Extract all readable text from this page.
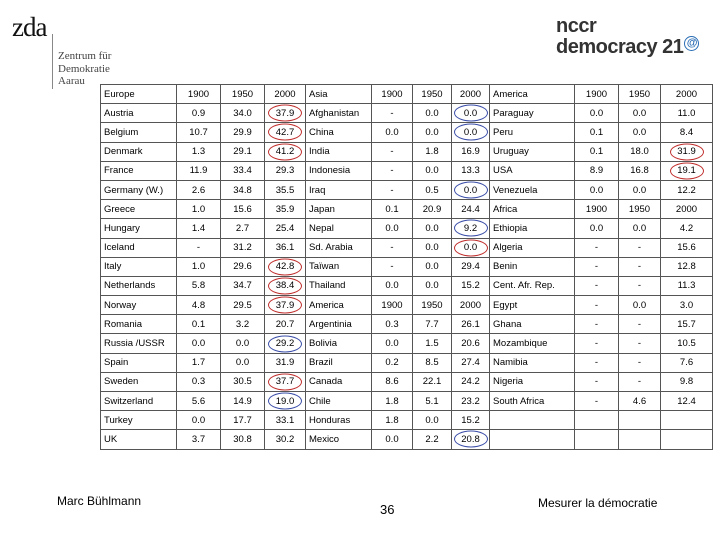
zda
Zentrum für
Demokratie
Aarau
nccr
democracy 21 @
Europe	1900	1950	2000	Asia	1900	1950	2000	America	1900	1950	2000
Austria	0.9	34.0	37.9	Afghanistan	-	0.0	0.0	Paraguay	0.0	0.0	11.0
Belgium	10.7	29.9	42.7	China	0.0	0.0	0.0	Peru	0.1	0.0	8.4
Denmark	1.3	29.1	41.2	India	-	1.8	16.9	Uruguay	0.1	18.0	31.9

France	11.9	33.4	29.3	Indonesia	-	0.0	13.3	USA	8.9	16.8	19.1

Germany (W.)	2.6	34.8	35.5	Iraq	-	0.5	0.0	Venezuela	0.0	0.0	12.2
Greece	1.0	15.6	35.9	Japan	0.1	20.9	24.4	Africa	1900	1950	2000
Hungary	1.4	2.7	25.4	Nepal	0.0	0.0	9.2	Ethiopia	0.0	0.0	4.2
Iceland	-	31.2	36.1	Sd. Arabia	-	0.0	0.0	Algeria	-	-	15.6
Italy	1.0	29.6	42.8	Taïwan	-	0.0	29.4	Benin	-	-	12.8
Netherlands	5.8	34.7	38.4	Thailand	0.0	0.0	15.2	Cent. Afr. Rep.	-	-	11.3
Norway	4.8	29.5	37.9	America	1900	1950	2000	Egypt	-	0.0	3.0
Romania	0.1	3.2	20.7	Argentinia	0.3	7.7	26.1	Ghana	-	-	15.7
Russia /USSR	0.0	0.0	29.2	Bolivia	0.0	1.5	20.6	Mozambique	-	-	10.5
Spain	1.7	0.0	31.9	Brazil	0.2	8.5	27.4	Namibia	-	-	7.6
Sweden	0.3	30.5	37.7	Canada	8.6	22.1	24.2	Nigeria	-	-	9.8
Switzerland	5.6	14.9	19.0	Chile	1.8	5.1	23.2	South Africa	-	4.6	12.4
Turkey	0.0	17.7	33.1	Honduras	1.8	0.0	15.2				
UK	3.7	30.8	30.2	Mexico	0.0	2.2	20.8

Marc Bühlmann
36	Mesurer la démocratie
